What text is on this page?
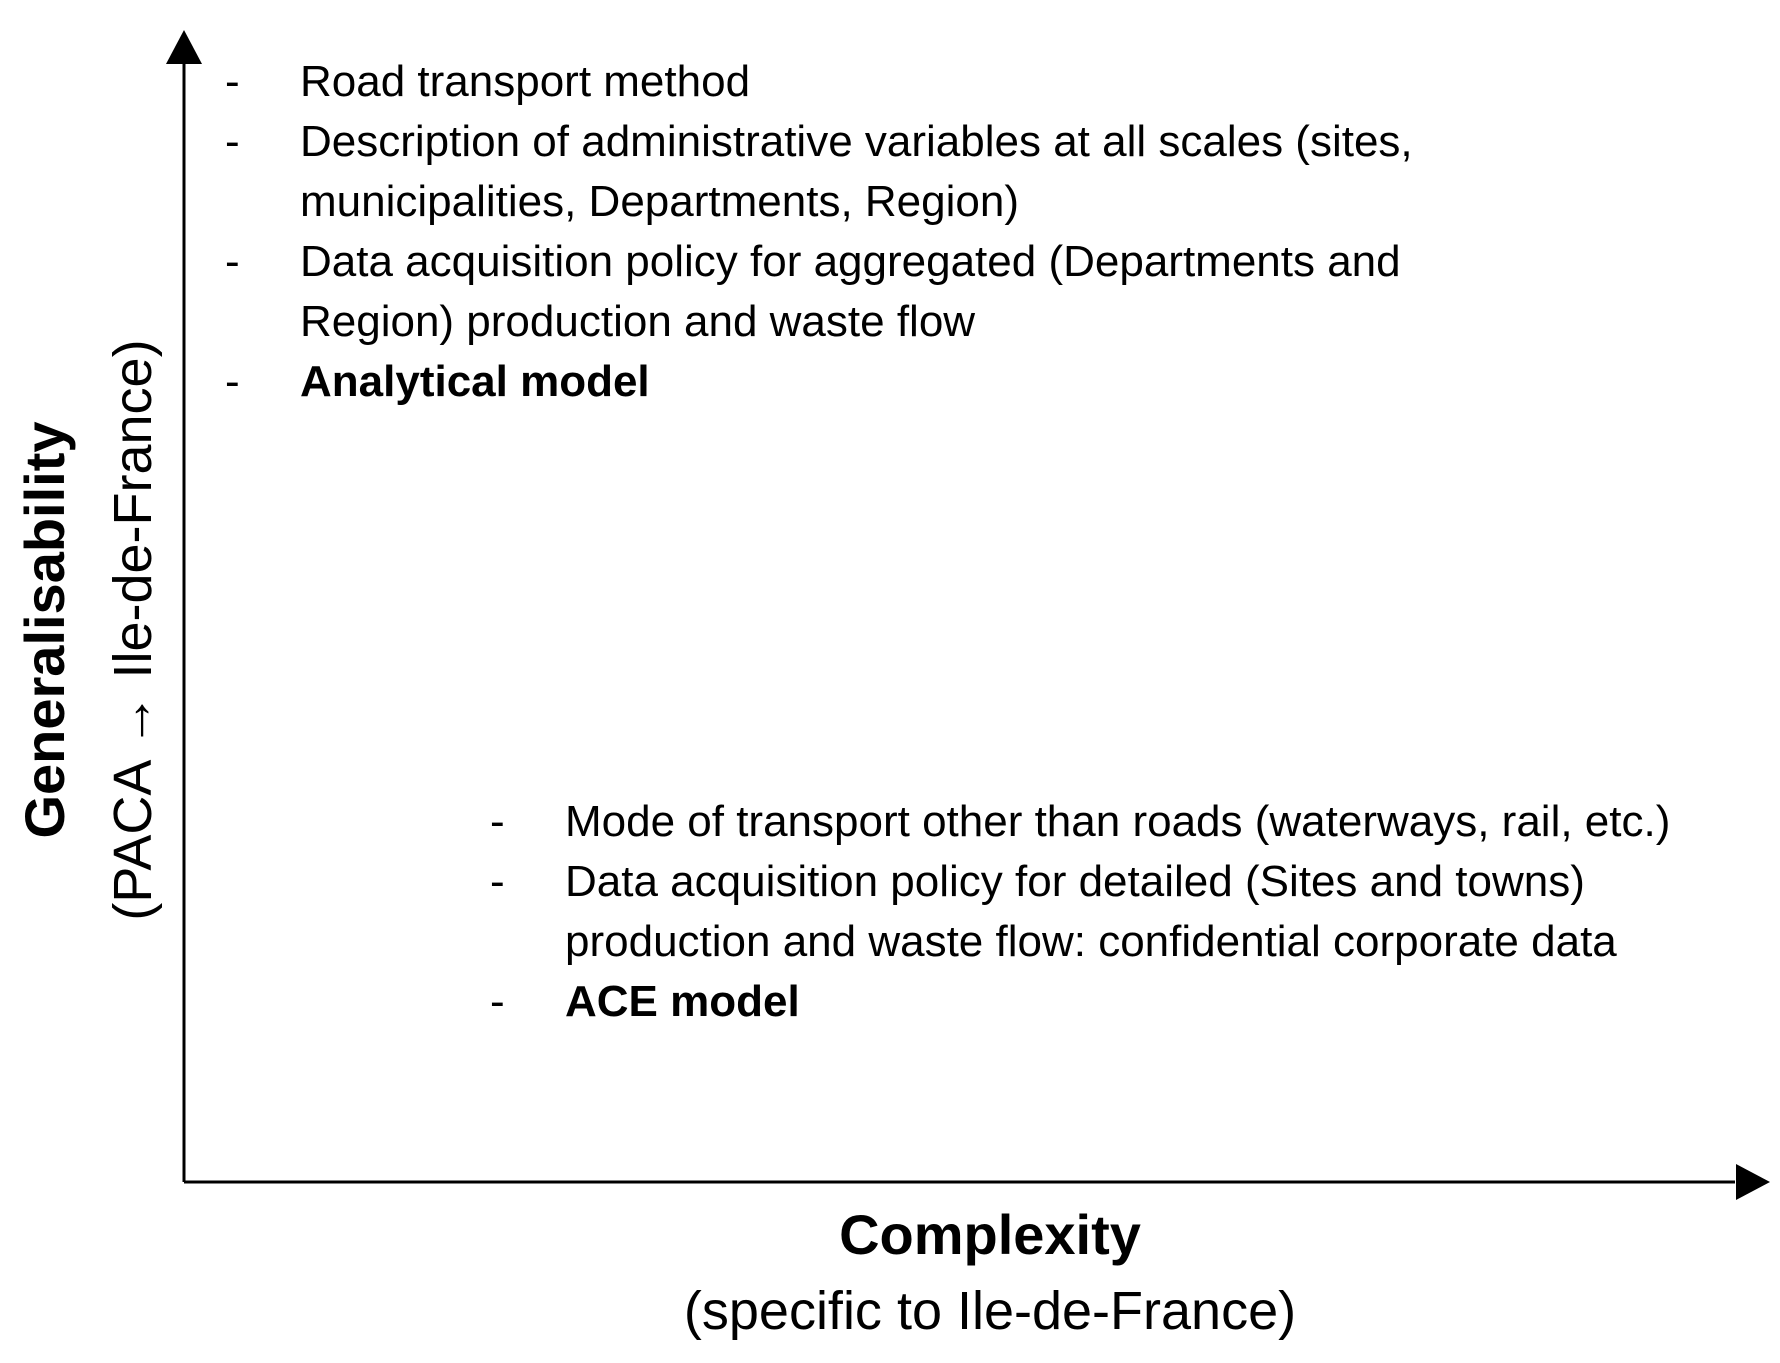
Generalisability (PACA → Ile-de-France)
- Road transport method
- Description of administrative variables at all scales (sites, municipalities, Departments, Region)
- Data acquisition policy for aggregated (Departments and Region) production and waste flow
- Analytical model
- Mode of transport other than roads (waterways, rail, etc.)
- Data acquisition policy for detailed (Sites and towns) production and waste flow: confidential corporate data
- ACE model
Complexity
(specific to Ile-de-France)
